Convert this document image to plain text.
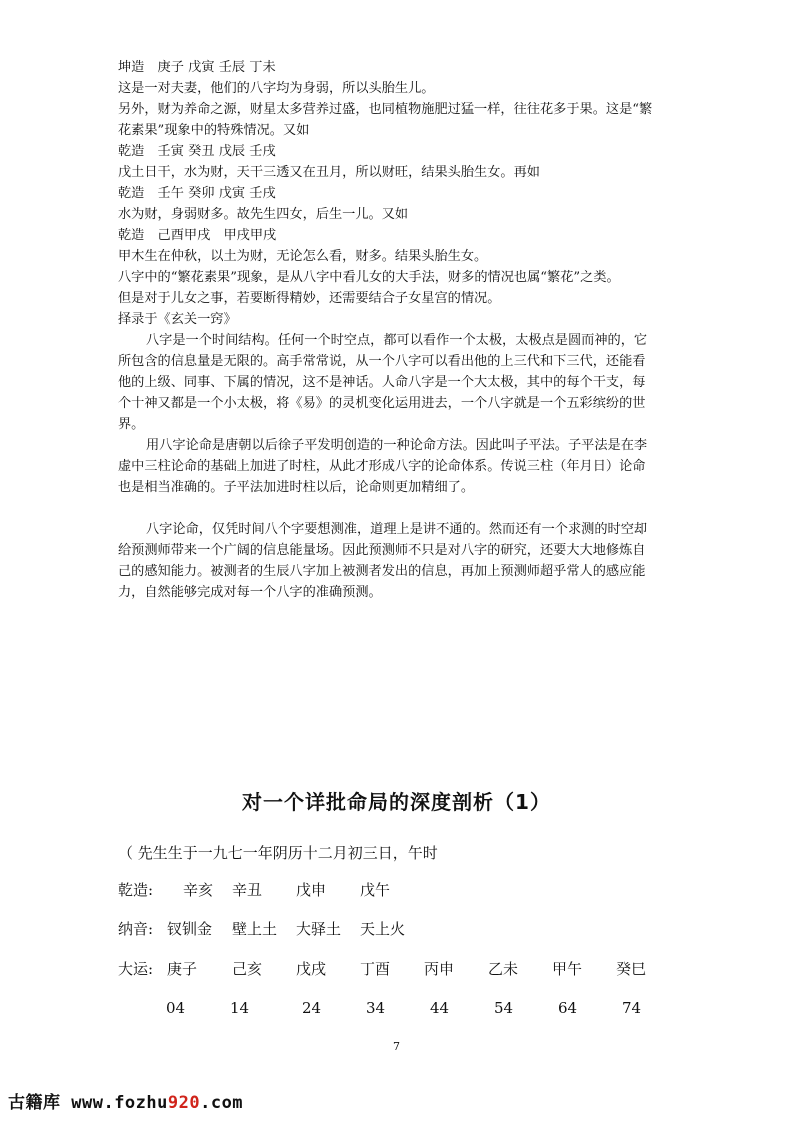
坤造　庚子 戊寅 壬辰 丁未

这是一对夫妻，他们的八字均为身弱，所以头胎生儿。

另外，财为养命之源，财星太多营养过盛，也同植物施肥过猛一样，往往花多于果。这是“繁

花素果”现象中的特殊情况。又如

乾造　壬寅 癸丑 戊辰 壬戌

戊土日干，水为财，天干三透又在丑月，所以财旺，结果头胎生女。再如

乾造　壬午 癸卯 戊寅 壬戌

水为财，身弱财多。故先生四女，后生一儿。又如

乾造　己酉甲戌　甲戌甲戌

甲木生在仲秋，以土为财，无论怎么看，财多。结果头胎生女。

八字中的“繁花素果”现象，是从八字中看儿女的大手法，财多的情况也属“繁花”之类。

但是对于儿女之事，若要断得精妙，还需要结合子女星宫的情况。

择录于《玄关一窍》

八字是一个时间结构。任何一个时空点，都可以看作一个太极，太极点是圆而神的，它

所包含的信息量是无限的。高手常常说，从一个八字可以看出他的上三代和下三代，还能看

他的上级、同事、下属的情况，这不是神话。人命八字是一个大太极，其中的每个干支，每

个十神又都是一个小太极，将《易》的灵机变化运用进去，一个八字就是一个五彩缤纷的世

界。

用八字论命是唐朝以后徐子平发明创造的一种论命方法。因此叫子平法。子平法是在李

虚中三柱论命的基础上加进了时柱，从此才形成八字的论命体系。传说三柱（年月日）论命

也是相当准确的。子平法加进时柱以后，论命则更加精细了。

八字论命，仅凭时间八个字要想测准，道理上是讲不通的。然而还有一个求测的时空却

给预测师带来一个广阔的信息能量场。因此预测师不只是对八字的研究，还要大大地修炼自

己的感知能力。被测者的生辰八字加上被测者发出的信息，再加上预测师超乎常人的感应能

力，自然能够完成对每一个八字的准确预测。

对一个详批命局的深度剖析（1）
（ 先生生于一九七一年阴历十二月初三日，午时
乾造: 辛亥 辛丑 戊申 戊午
纳音: 钗钏金 壁上土 大驿土 天上火
大运: 庚子 己亥 戊戌 丁酉 丙申 乙未 甲午 癸巳
04	14	24	34	44	54	64	74
7
古籍库 www.fozhu920.com
